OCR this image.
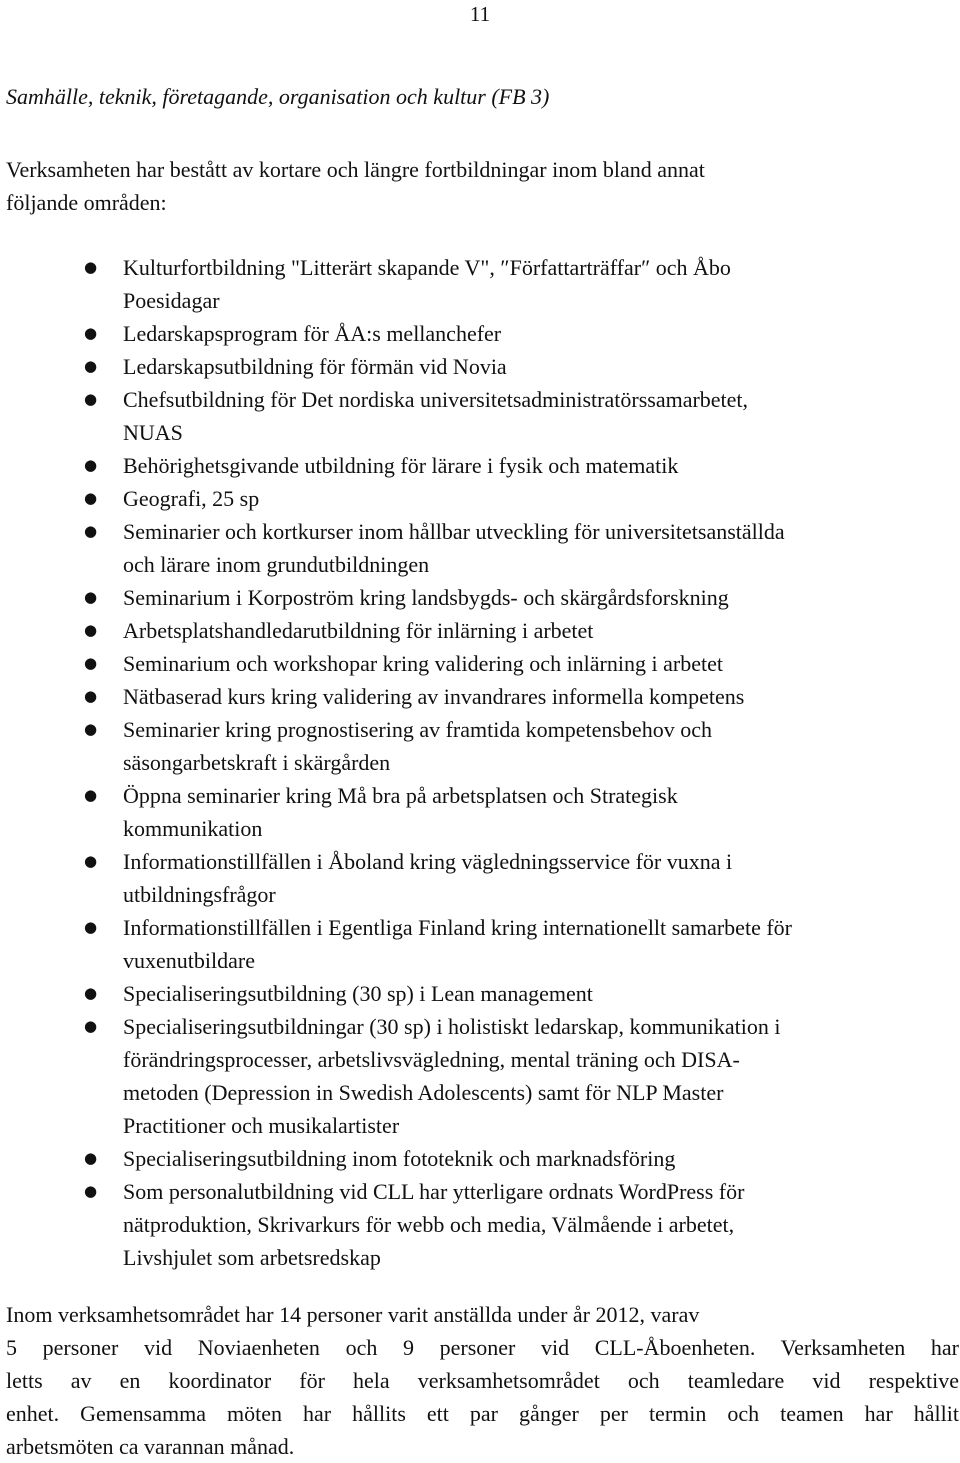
11
Samhälle, teknik, företagande, organisation och kultur (FB 3)

Verksamheten har bestått av kortare och längre fortbildningar inom bland annat
följande områden:

● Kulturfortbildning "Litterärt skapande V", ″Författarträffar″ och Åbo
Poesidagar
● Ledarskapsprogram för ÅA:s mellanchefer
● Ledarskapsutbildning för förmän vid Novia
● Chefsutbildning för Det nordiska universitetsadministratörssamarbetet,
NUAS
● Behörighetsgivande utbildning för lärare i fysik och matematik
● Geografi, 25 sp
● Seminarier och kortkurser inom hållbar utveckling för universitetsanställda
och lärare inom grundutbildningen
● Seminarium i Korpoström kring landsbygds- och skärgårdsforskning
● Arbetsplatshandledarutbildning för inlärning i arbetet
● Seminarium och workshopar kring validering och inlärning i arbetet
● Nätbaserad kurs kring validering av invandrares informella kompetens
● Seminarier kring prognostisering av framtida kompetensbehov och
säsongarbetskraft i skärgården
● Öppna seminarier kring Må bra på arbetsplatsen och Strategisk
kommunikation
● Informationstillfällen i Åboland kring vägledningsservice för vuxna i
utbildningsfrågor
● Informationstillfällen i Egentliga Finland kring internationellt samarbete för
vuxenutbildare
● Specialiseringsutbildning (30 sp) i Lean management
● Specialiseringsutbildningar (30 sp) i holistiskt ledarskap, kommunikation i
förändringsprocesser, arbetslivsvägledning, mental träning och DISA-
metoden (Depression in Swedish Adolescents) samt för NLP Master
Practitioner och musikalartister
● Specialiseringsutbildning inom fototeknik och marknadsföring
● Som personalutbildning vid CLL har ytterligare ordnats WordPress för
nätproduktion, Skrivarkurs för webb och media, Välmående i arbetet,
Livshjulet som arbetsredskap

Inom verksamhetsområdet har 14 personer varit anställda under år 2012, varav
5 personer vid Noviaenheten och 9 personer vid CLL-Åboenheten. Verksamheten har
letts av en koordinator för hela verksamhetsområdet och teamledare vid respektive
enhet. Gemensamma möten har hållits ett par gånger per termin och teamen har hållit
arbetsmöten ca varannan månad.
